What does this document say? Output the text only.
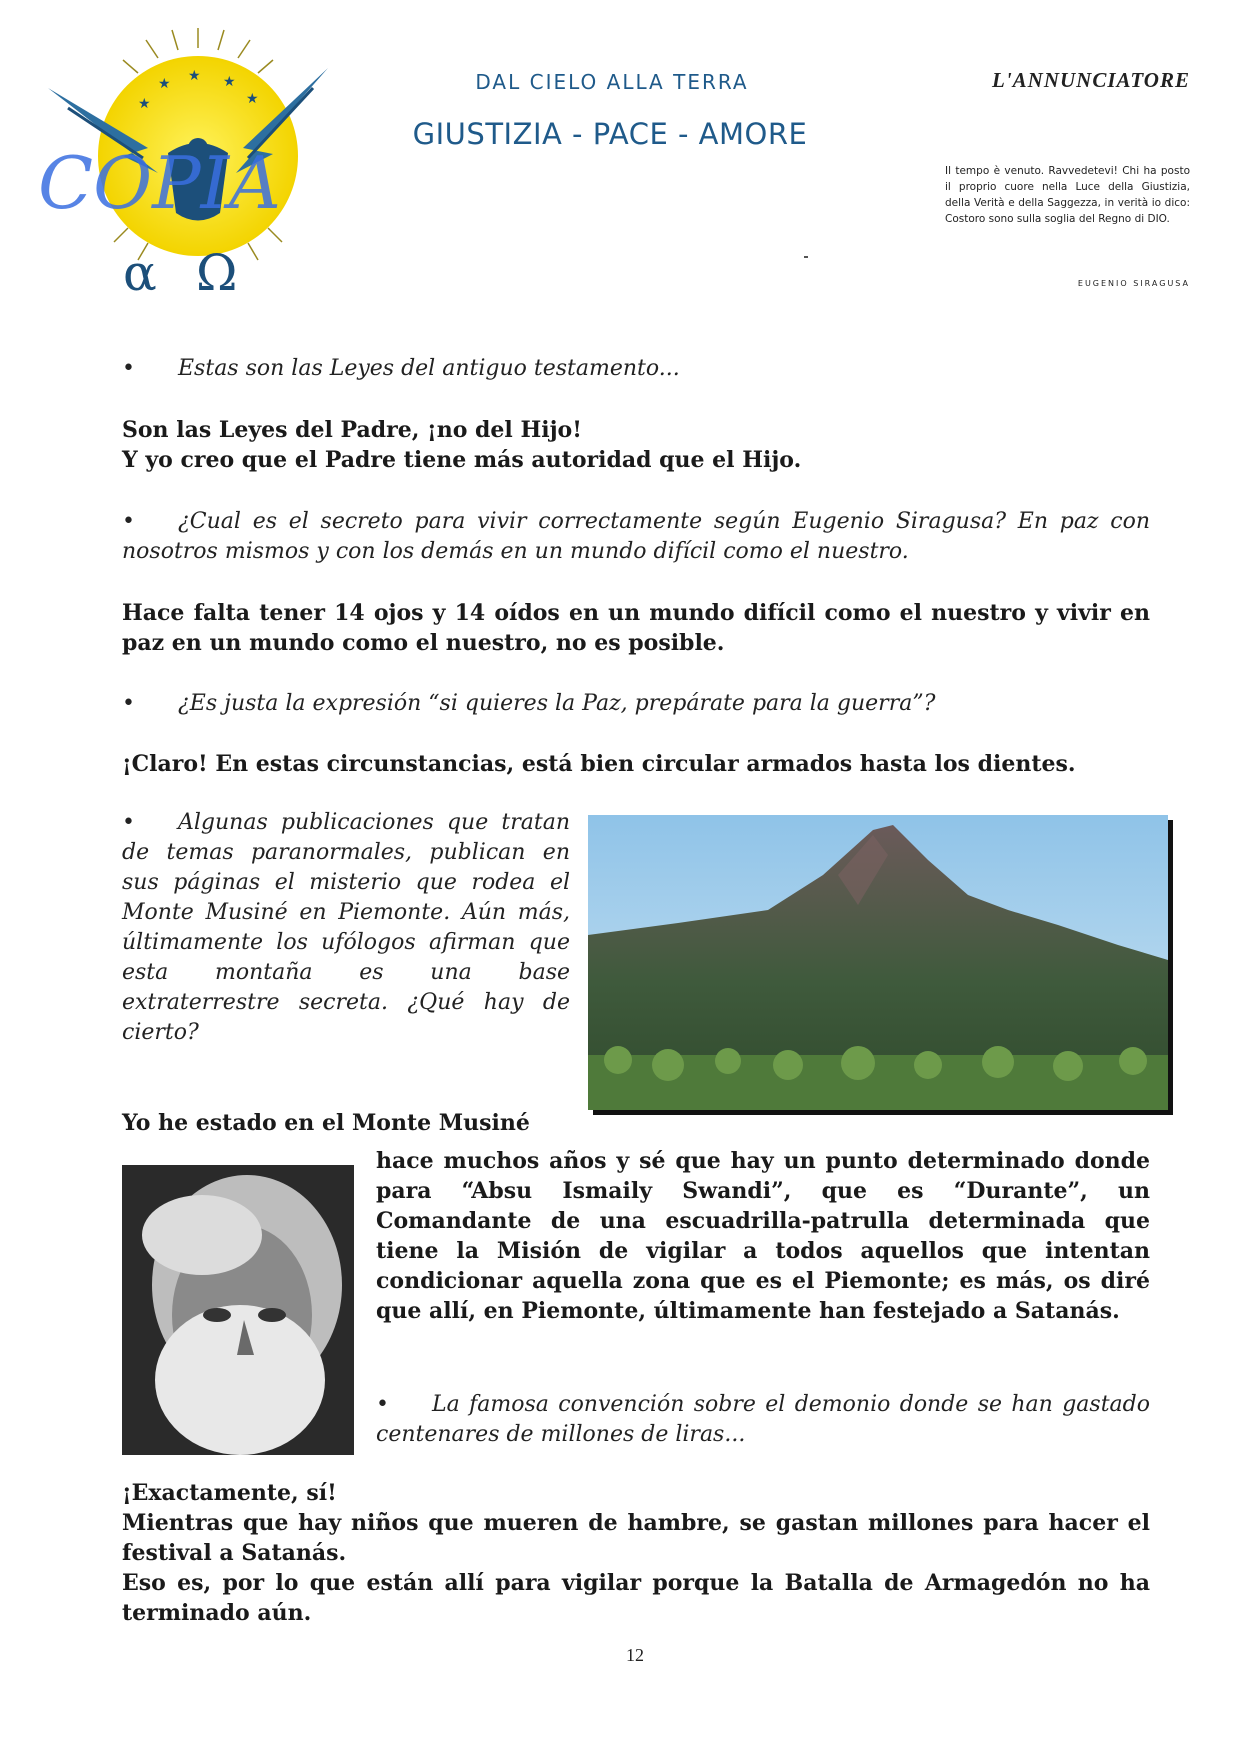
★ ★ ★
★
★
COPIA
α Ω
DAL CIELO ALLA TERRA
GIUSTIZIA - PACE - AMORE
L'ANNUNCIATORE
Il tempo è venuto. Ravvedetevi! Chi ha posto il proprio cuore nella Luce della Giustizia, della Verità e della Saggezza, in verità io dico: Costoro sono sulla soglia del Regno di DIO.
EUGENIO SIRAGUSA
• Estas son las Leyes del antiguo testamento...

Son las Leyes del Padre, ¡no del Hijo!

Y yo creo que el Padre tiene más autoridad que el Hijo.

• ¿Cual es el secreto para vivir correctamente según Eugenio Siragusa? En paz con nosotros mismos y con los demás en un mundo difícil como el nuestro.
Hace falta tener 14 ojos y 14 oídos en un mundo difícil como el nuestro y vivir en paz en un mundo como el nuestro, no es posible.
• ¿Es justa la expresión “si quieres la Paz, prepárate para la guerra”?
¡Claro! En estas circunstancias, está bien circular armados hasta los dientes.
• Algunas publicaciones que tratan de temas paranormales, publican en sus páginas el misterio que rodea el Monte Musiné en Piemonte. Aún más, últimamente los ufólogos afirman que esta montaña es una base extraterrestre secreta. ¿Qué hay de cierto?
Yo he estado en el Monte Musiné
hace muchos años y sé que hay un punto determinado donde para “Absu Ismaily Swandi”, que es “Durante”, un Comandante de una escuadrilla-patrulla determinada que tiene la Misión de vigilar a todos aquellos que intentan condicionar aquella zona que es el Piemonte; es más, os diré que allí, en Piemonte, últimamente han festejado a Satanás.
• La famosa convención sobre el demonio donde se han gastado centenares de millones de liras...

¡Exactamente, sí!

Mientras que hay niños que mueren de hambre, se gastan millones para hacer el festival a Satanás.

Eso es, por lo que están allí para vigilar porque la Batalla de Armagedón no ha terminado aún.

12
